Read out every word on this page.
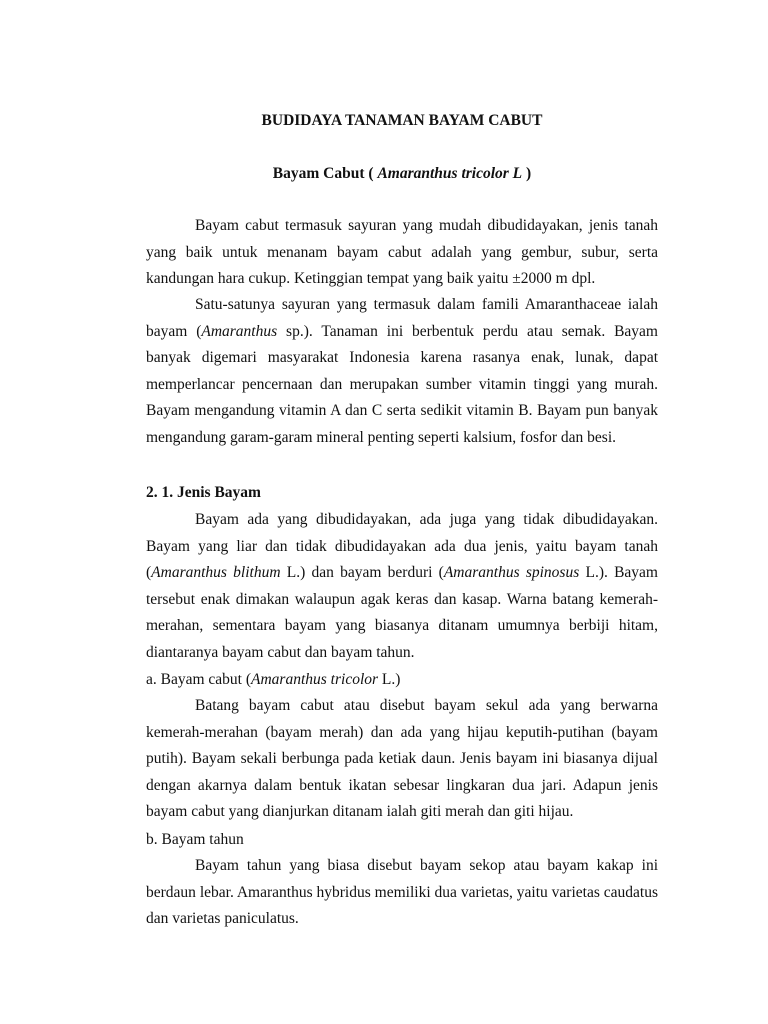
BUDIDAYA TANAMAN BAYAM CABUT

Bayam Cabut ( Amaranthus tricolor L )

Bayam cabut termasuk sayuran yang mudah dibudidayakan, jenis tanah yang baik untuk menanam bayam cabut adalah yang gembur, subur, serta kandungan hara cukup. Ketinggian tempat yang baik yaitu ±2000 m dpl.

Satu-satunya sayuran yang termasuk dalam famili Amaranthaceae ialah bayam (Amaranthus sp.). Tanaman ini berbentuk perdu atau semak. Bayam banyak digemari masyarakat Indonesia karena rasanya enak, lunak, dapat memperlancar pencernaan dan merupakan sumber vitamin tinggi yang murah. Bayam mengandung vitamin A dan C serta sedikit vitamin B. Bayam pun banyak mengandung garam-garam mineral penting seperti kalsium, fosfor dan besi.

2. 1. Jenis Bayam

Bayam ada yang dibudidayakan, ada juga yang tidak dibudidayakan. Bayam yang liar dan tidak dibudidayakan ada dua jenis, yaitu bayam tanah (Amaranthus blithum L.) dan bayam berduri (Amaranthus spinosus L.). Bayam tersebut enak dimakan walaupun agak keras dan kasap. Warna batang kemerah-merahan, sementara bayam yang biasanya ditanam umumnya berbiji hitam, diantaranya bayam cabut dan bayam tahun.

a. Bayam cabut (Amaranthus tricolor L.)

Batang bayam cabut atau disebut bayam sekul ada yang berwarna kemerah-merahan (bayam merah) dan ada yang hijau keputih-putihan (bayam putih). Bayam sekali berbunga pada ketiak daun. Jenis bayam ini biasanya dijual dengan akarnya dalam bentuk ikatan sebesar lingkaran dua jari. Adapun jenis bayam cabut yang dianjurkan ditanam ialah giti merah dan giti hijau.

b. Bayam tahun

Bayam tahun yang biasa disebut bayam sekop atau bayam kakap ini berdaun lebar. Amaranthus hybridus memiliki dua varietas, yaitu varietas caudatus dan varietas paniculatus.
